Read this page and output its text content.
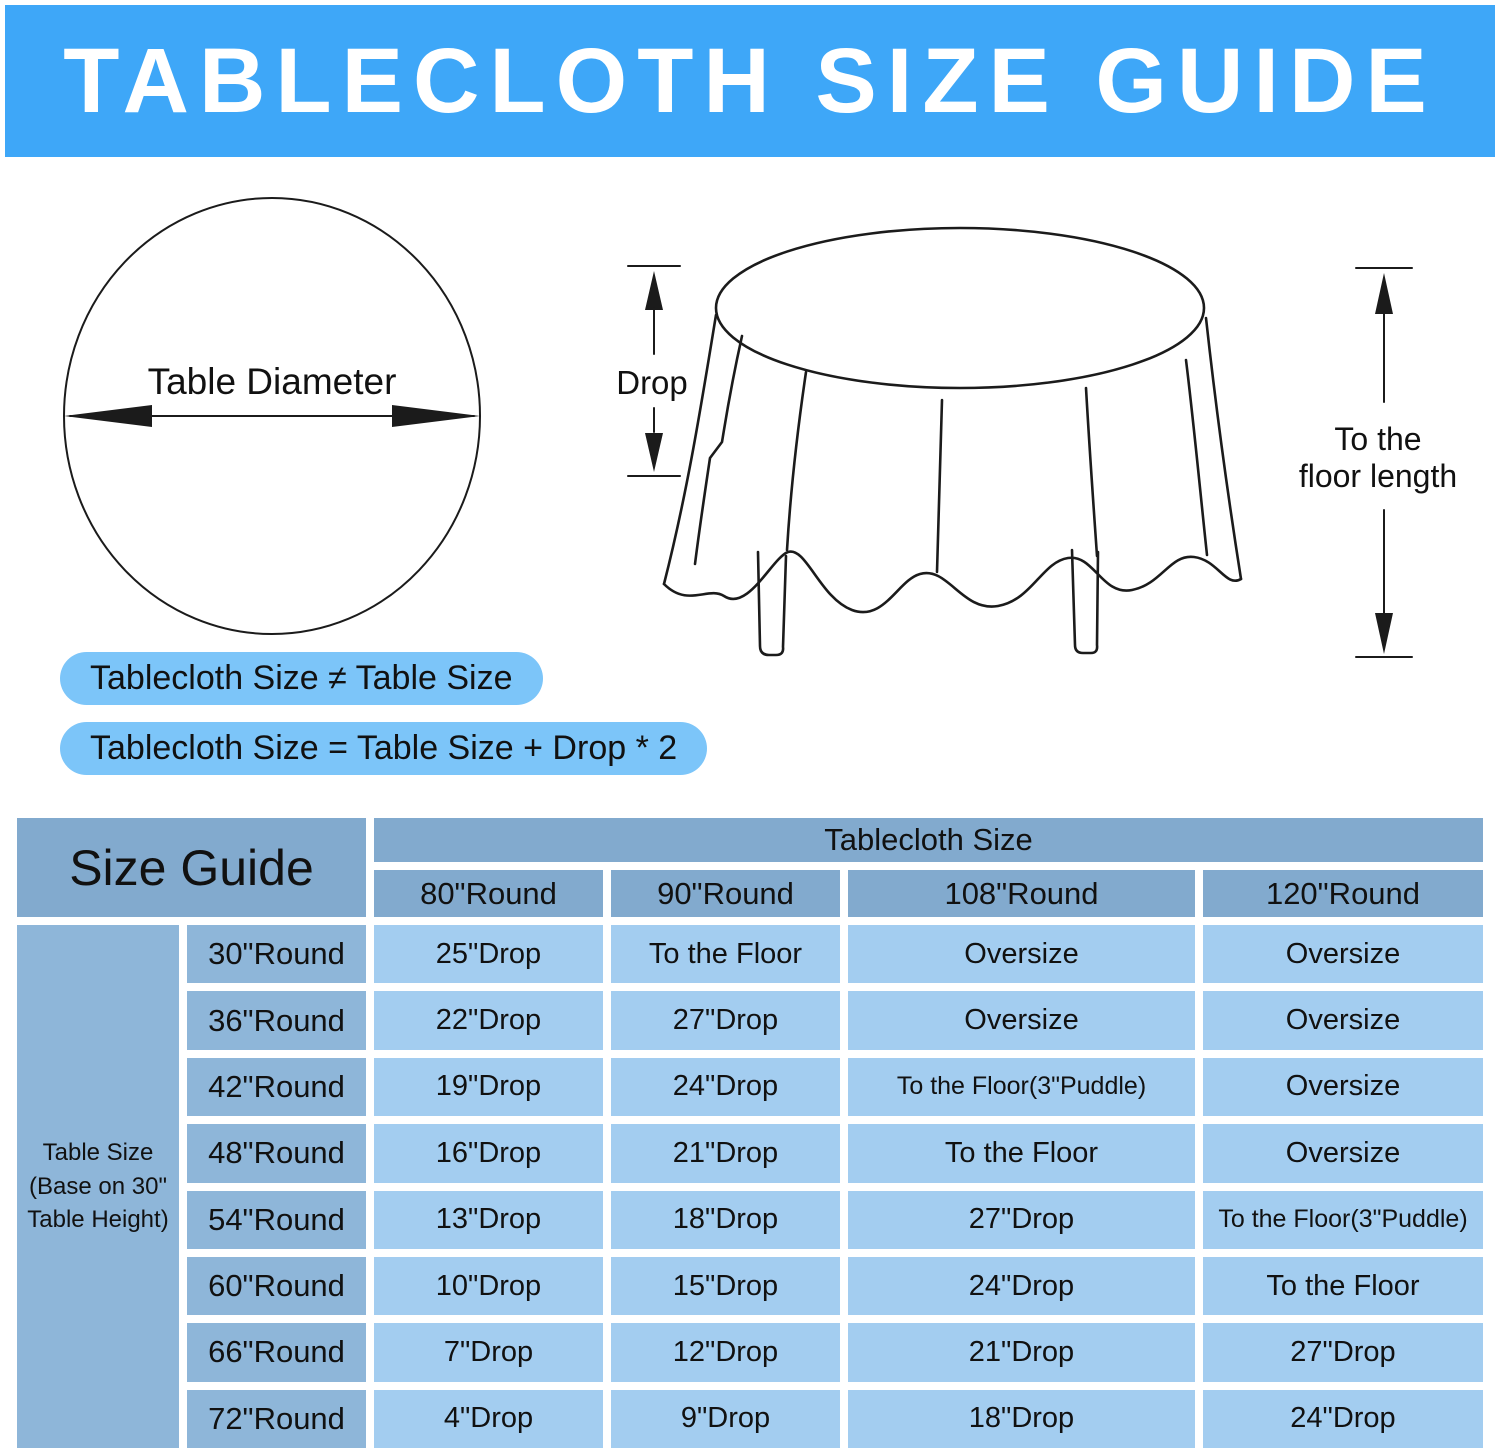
TABLECLOTH SIZE GUIDE
Table Diameter	Drop
To the
floor length
Tablecloth Size ≠ Table Size
Tablecloth Size = Table Size + Drop * 2
Size Guide	Tablecloth Size
Table Size
(Base on 30"
Table Height)
80"Round	90"Round	108"Round	120"Round
30"Round	25"Drop	To the Floor	Oversize	Oversize
36"Round	22"Drop	27"Drop	Oversize	Oversize
42"Round	19"Drop	24"Drop	To the Floor(3"Puddle)	Oversize
48"Round	16"Drop	21"Drop	To the Floor	Oversize
54"Round	13"Drop	18"Drop	27"Drop	To the Floor(3"Puddle)
60"Round	10"Drop	15"Drop	24"Drop	To the Floor
66"Round	7"Drop	12"Drop	21"Drop	27"Drop
72"Round	4"Drop	9"Drop	18"Drop	24"Drop
